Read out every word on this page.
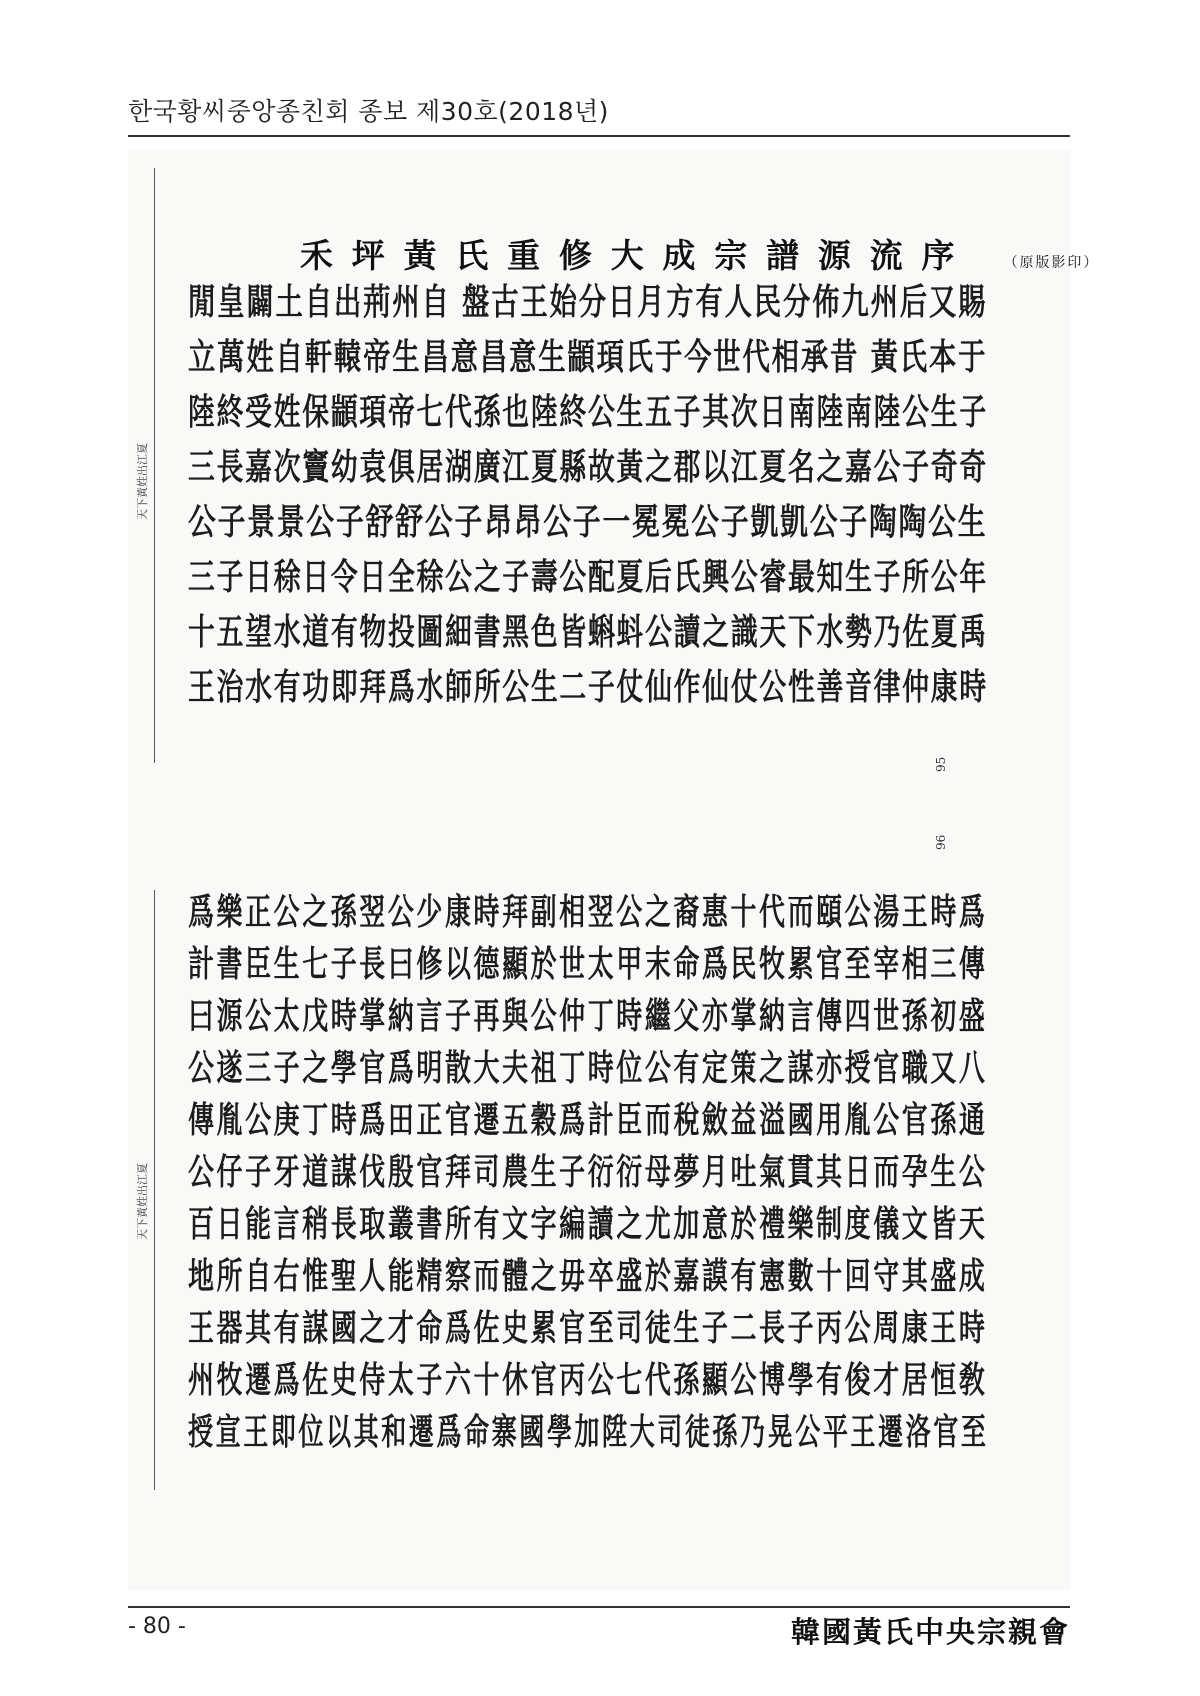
한국황씨중앙종친회 종보 제30호(2018년)
天下黃姓出江夏
95
禾坪黃氏重修大成宗譜源流序 （原版影印）
閒皇闢土自出荊州自 盤古王始分日月方有人民分佈九州后又賜
立萬姓自軒轅帝生昌意昌意生顓頊氏于今世代相承昔 黃氏本于
陸終受姓保顓頊帝七代孫也陸終公生五子其次日南陸南陸公生子
三長嘉次竇幼袁俱居湖廣江夏縣故黃之郡以江夏名之嘉公子奇奇
公子景景公子舒舒公子昂昂公子一冕冕公子凱凱公子陶陶公生
三子日稌日令日全稌公之子壽公配夏后氏興公睿最知生子所公年
十五望水道有物投圖細書黑色皆蝌蚪公讀之識天下水勢乃佐夏禹
王治水有功即拜爲水師所公生二子仗仙作仙仗公性善音律仲康時
96
天下黃姓出江夏
爲樂正公之孫翌公少康時拜副相翌公之裔惠十代而頤公湯王時爲
計書臣生七子長曰修以德顯於世太甲末命爲民牧累官至宰相三傳
曰源公太戊時掌納言子再與公仲丁時繼父亦掌納言傳四世孫初盛
公遂三子之學官爲明散大夫祖丁時位公有定策之謀亦授官職又八
傳胤公庚丁時爲田正官遷五穀爲計臣而稅斂益溢國用胤公官孫通
公仔子牙道謀伐殷官拜司農生子衍衍母夢月吐氣貫其日而孕生公
百日能言稍長取叢書所有文字編讀之尤加意於禮樂制度儀文皆天
地所自右惟聖人能精察而體之毋卒盛於嘉謨有憲數十回守其盛成
王器其有謀國之才命爲佐史累官至司徒生子二長子丙公周康王時
州牧遷爲佐史侍太子六十休官丙公七代孫顯公博學有俊才居恒敎
授宣王即位以其和遷爲命寨國學加陞大司徒孫乃晃公平王遷洛官至
- 80 -	韓國黃氏中央宗親會
